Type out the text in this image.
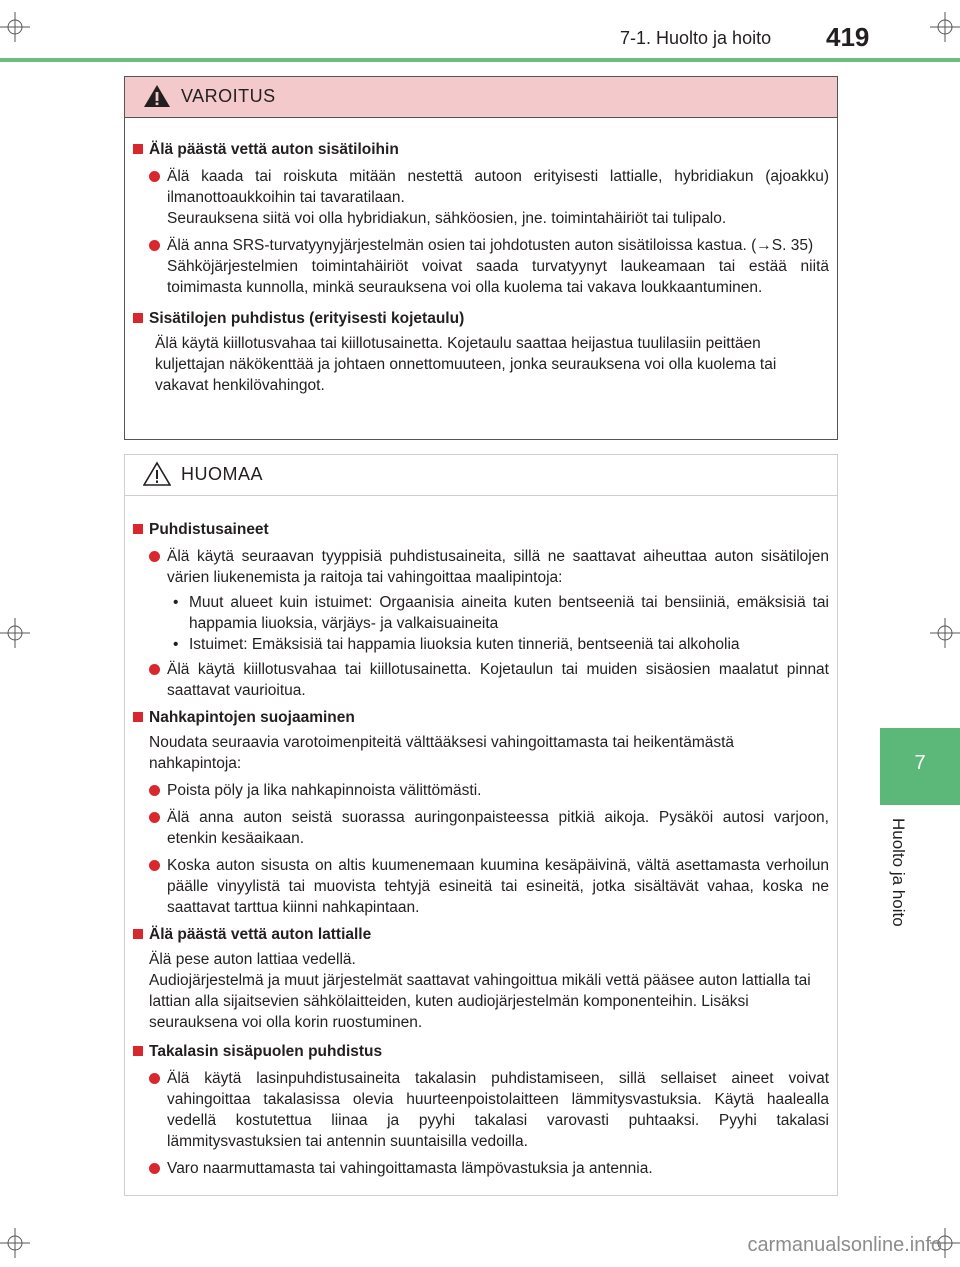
7-1. Huolto ja hoito 419
7
Huolto ja hoito
VAROITUS
Älä päästä vettä auton sisätiloihin
Älä kaada tai roiskuta mitään nestettä autoon erityisesti lattialle, hybridiakun (ajoakku) ilmanottoaukkoihin tai tavaratilaan.
Seurauksena siitä voi olla hybridiakun, sähköosien, jne. toimintahäiriöt tai tulipalo.
Älä anna SRS-turvatyynyjärjestelmän osien tai johdotusten auton sisätiloissa kastua. (→S. 35)
Sähköjärjestelmien toimintahäiriöt voivat saada turvatyynyt laukeamaan tai estää niitä toimimasta kunnolla, minkä seurauksena voi olla kuolema tai vakava loukkaantuminen.
Sisätilojen puhdistus (erityisesti kojetaulu)
Älä käytä kiillotusvahaa tai kiillotusainetta. Kojetaulu saattaa heijastua tuulilasiin peittäen kuljettajan näkökenttää ja johtaen onnettomuuteen, jonka seurauksena voi olla kuolema tai vakavat henkilövahingot.
HUOMAA
Puhdistusaineet
Älä käytä seuraavan tyyppisiä puhdistusaineita, sillä ne saattavat aiheuttaa auton sisätilojen värien liukenemista ja raitoja tai vahingoittaa maalipintoja:
• Muut alueet kuin istuimet: Orgaanisia aineita kuten bentseeniä tai bensiiniä, emäksisiä tai happamia liuoksia, värjäys- ja valkaisuaineita
• Istuimet: Emäksisiä tai happamia liuoksia kuten tinneriä, bentseeniä tai alkoholia
Älä käytä kiillotusvahaa tai kiillotusainetta. Kojetaulun tai muiden sisäosien maalatut pinnat saattavat vaurioitua.
Nahkapintojen suojaaminen
Noudata seuraavia varotoimenpiteitä välttääksesi vahingoittamasta tai heikentämästä nahkapintoja:
Poista pöly ja lika nahkapinnoista välittömästi.
Älä anna auton seistä suorassa auringonpaisteessa pitkiä aikoja. Pysäköi autosi varjoon, etenkin kesäaikaan.
Koska auton sisusta on altis kuumenemaan kuumina kesäpäivinä, vältä asettamasta verhoilun päälle vinyylistä tai muovista tehtyjä esineitä tai esineitä, jotka sisältävät vahaa, koska ne saattavat tarttua kiinni nahkapintaan.
Älä päästä vettä auton lattialle
Älä pese auton lattiaa vedellä.
Audiojärjestelmä ja muut järjestelmät saattavat vahingoittua mikäli vettä pääsee auton lattialla tai lattian alla sijaitsevien sähkölaitteiden, kuten audiojärjestelmän komponenteihin. Lisäksi seurauksena voi olla korin ruostuminen.
Takalasin sisäpuolen puhdistus
Älä käytä lasinpuhdistusaineita takalasin puhdistamiseen, sillä sellaiset aineet voivat vahingoittaa takalasissa olevia huurteenpoistolaitteen lämmitysvastuksia. Käytä haalealla vedellä kostutettua liinaa ja pyyhi takalasi varovasti puhtaaksi. Pyyhi takalasi lämmitysvastuksien tai antennin suuntaisilla vedoilla.
Varo naarmuttamasta tai vahingoittamasta lämpövastuksia ja antennia.
carmanualsonline.info
